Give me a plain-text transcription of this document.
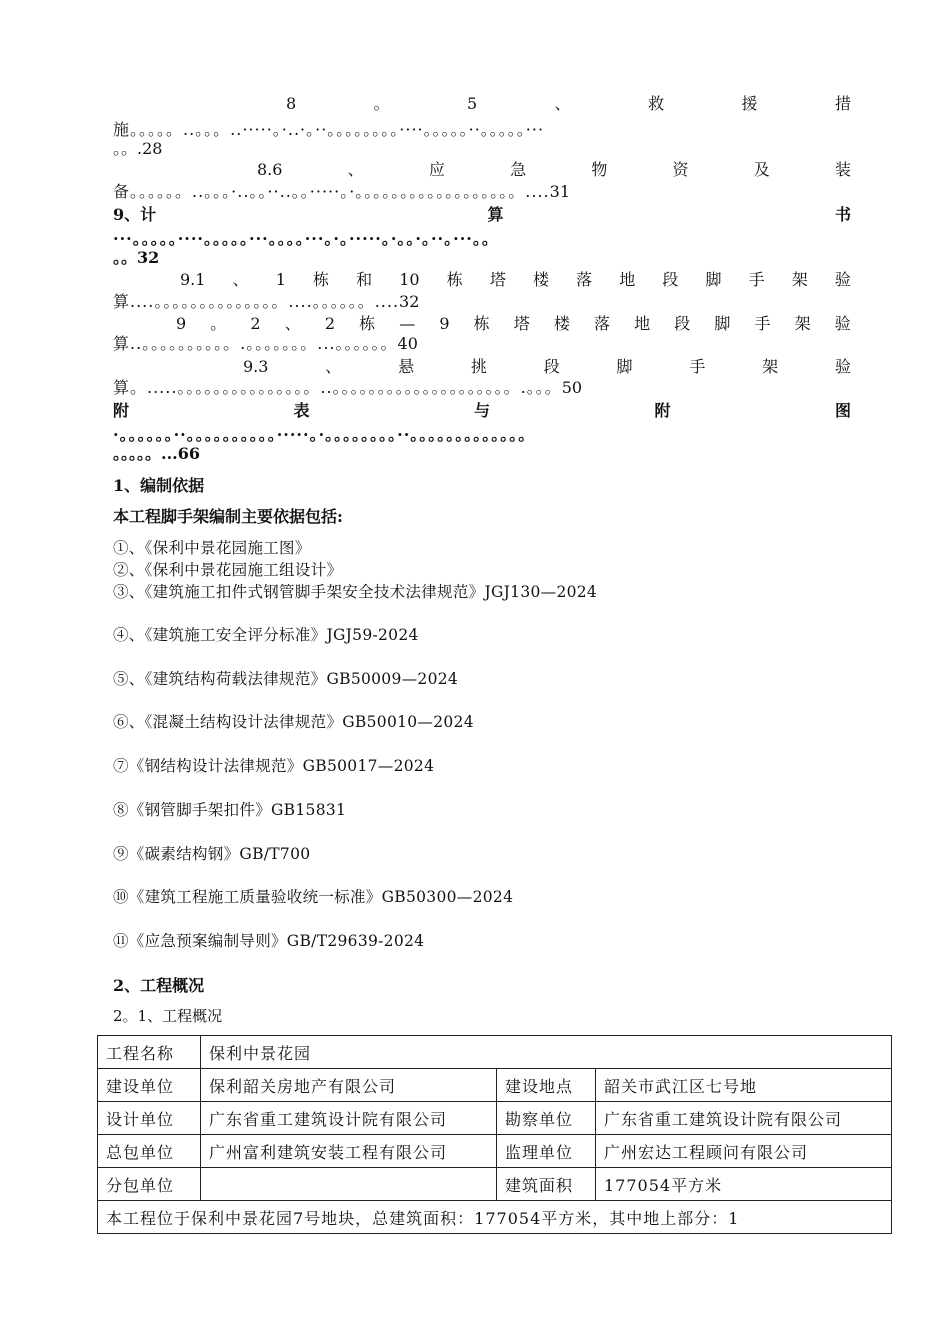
8	。	5	、	救	援	措
施。。。。。..。。。..·····。·..·。··。。。。。。。。····。。。。。··。。。。。···
。。.28
8.6	、	应	急	物	资	及	装
备。。。。。。..。。。·..。。··..。。·····。·。。。。。。。。。。。。。。。。。。....31
9、计	算	书
···。。。。。····。。。。。···。。。。···。·。·····。·。。·。··。···。。
。。32
9.1 、 1 栋 和 10 栋 塔 楼 落 地 段 脚 手 架 验
算....。。。。。。。。。。。。。。....。。。。。。....32
9 。 2 、 2 栋 — 9 栋 塔 楼 落 地 段 脚 手 架 验
算..。。。。。。。。。。.。。。。。。。...。。。。。。40
9.3	、	悬	挑	段	脚	手	架	验
算。.....。。。。。。。。。。。。。。。..。。。。。。。。。。。。。。。。。。。。.。。。50
附	表	与	附	图
·。。。。。。··。。。。。。。。。。·····。·。。。。。。。。··。。。。。。。。。。。。。
。。。。。...66
1、编制依据
本工程脚手架编制主要依据包括:
①、《保利中景花园施工图》
②、《保利中景花园施工组设计》
③、《建筑施工扣件式钢管脚手架安全技术法律规范》JGJ130—2024
④、《建筑施工安全评分标准》JGJ59-2024
⑤、《建筑结构荷载法律规范》GB50009—2024
⑥、《混凝土结构设计法律规范》GB50010—2024
⑦《钢结构设计法律规范》GB50017—2024
⑧《钢管脚手架扣件》GB15831
⑨《碳素结构钢》GB/T700
⑩《建筑工程施工质量验收统一标准》GB50300—2024
⑪《应急预案编制导则》GB/T29639-2024
2、工程概况
2。1、工程概况
工程名称	保利中景花园		
建设单位	保利韶关房地产有限公司	建设地点	韶关市武江区七号地
设计单位	广东省重工建筑设计院有限公司	勘察单位	广东省重工建筑设计院有限公司
总包单位	广州富利建筑安装工程有限公司	监理单位	广州宏达工程顾问有限公司
分包单位		建筑面积	177054平方米
本工程位于保利中景花园7号地块，总建筑面积：177054平方米，其中地上部分：1			
